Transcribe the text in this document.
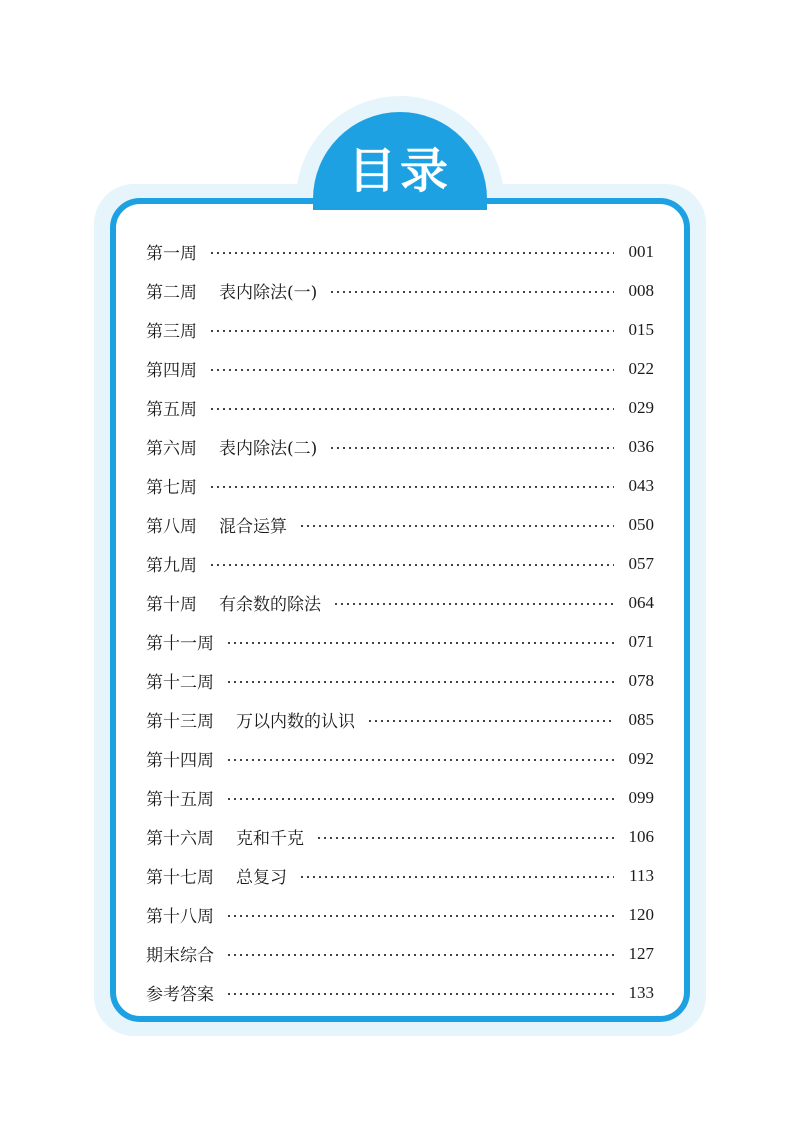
目录
第一周	001
第二周 表内除法(一)	008
第三周	015
第四周	022
第五周	029
第六周 表内除法(二)	036
第七周	043
第八周 混合运算	050
第九周	057
第十周 有余数的除法	064
第十一周	071
第十二周	078
第十三周 万以内数的认识	085
第十四周	092
第十五周	099
第十六周 克和千克	106
第十七周 总复习	113
第十八周	120
期末综合	127
参考答案	133
